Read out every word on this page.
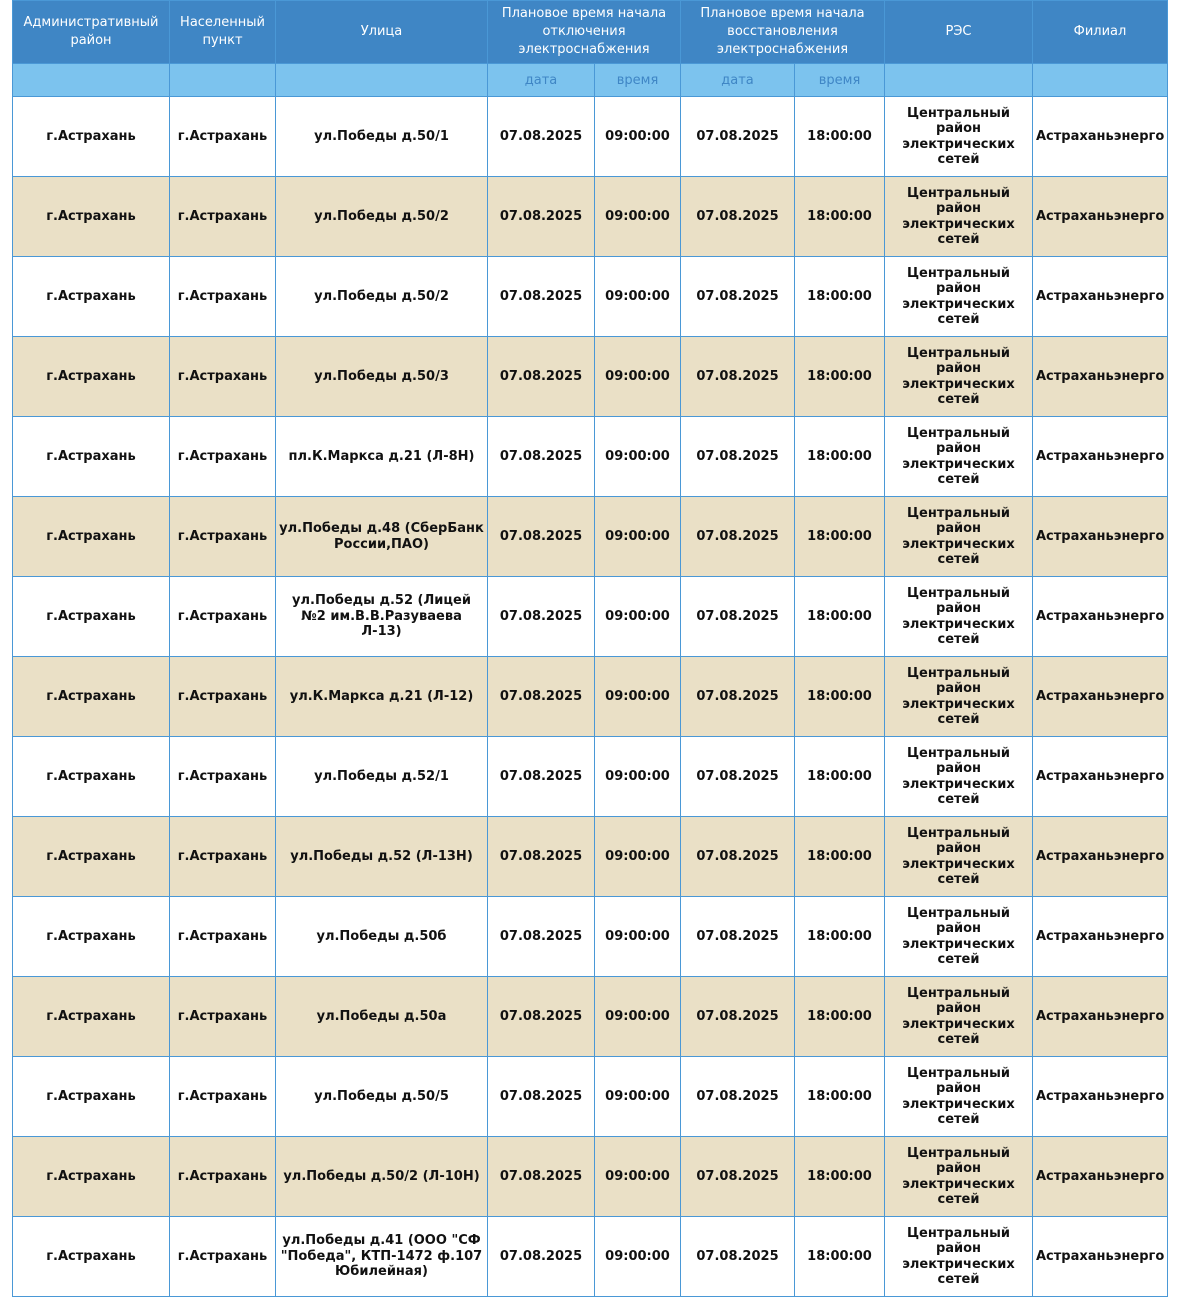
Административный район	Населенный пункт	Улица	Плановое время начала отключения электроснабжения		Плановое время начала восстановления электроснабжения		РЭС	Филиал
			дата	время	дата	время		
г.Астрахань	г.Астрахань	ул.Победы д.50/1	07.08.2025	09:00:00	07.08.2025	18:00:00	Центральный район электрических сетей	Астраханьэнерго
г.Астрахань	г.Астрахань	ул.Победы д.50/2	07.08.2025	09:00:00	07.08.2025	18:00:00	Центральный район электрических сетей	Астраханьэнерго
г.Астрахань	г.Астрахань	ул.Победы д.50/2	07.08.2025	09:00:00	07.08.2025	18:00:00	Центральный район электрических сетей	Астраханьэнерго
г.Астрахань	г.Астрахань	ул.Победы д.50/3	07.08.2025	09:00:00	07.08.2025	18:00:00	Центральный район электрических сетей	Астраханьэнерго
г.Астрахань	г.Астрахань	пл.К.Маркса д.21 (Л-8Н)	07.08.2025	09:00:00	07.08.2025	18:00:00	Центральный район электрических сетей	Астраханьэнерго
г.Астрахань	г.Астрахань	ул.Победы д.48 (СберБанк России,ПАО)	07.08.2025	09:00:00	07.08.2025	18:00:00	Центральный район электрических сетей	Астраханьэнерго
г.Астрахань	г.Астрахань	ул.Победы д.52 (Лицей №2 им.В.В.Разуваева Л-13)	07.08.2025	09:00:00	07.08.2025	18:00:00	Центральный район электрических сетей	Астраханьэнерго
г.Астрахань	г.Астрахань	ул.К.Маркса д.21 (Л-12)	07.08.2025	09:00:00	07.08.2025	18:00:00	Центральный район электрических сетей	Астраханьэнерго
г.Астрахань	г.Астрахань	ул.Победы д.52/1	07.08.2025	09:00:00	07.08.2025	18:00:00	Центральный район электрических сетей	Астраханьэнерго
г.Астрахань	г.Астрахань	ул.Победы д.52 (Л-13Н)	07.08.2025	09:00:00	07.08.2025	18:00:00	Центральный район электрических сетей	Астраханьэнерго
г.Астрахань	г.Астрахань	ул.Победы д.50б	07.08.2025	09:00:00	07.08.2025	18:00:00	Центральный район электрических сетей	Астраханьэнерго
г.Астрахань	г.Астрахань	ул.Победы д.50а	07.08.2025	09:00:00	07.08.2025	18:00:00	Центральный район электрических сетей	Астраханьэнерго
г.Астрахань	г.Астрахань	ул.Победы д.50/5	07.08.2025	09:00:00	07.08.2025	18:00:00	Центральный район электрических сетей	Астраханьэнерго
г.Астрахань	г.Астрахань	ул.Победы д.50/2 (Л-10Н)	07.08.2025	09:00:00	07.08.2025	18:00:00	Центральный район электрических сетей	Астраханьэнерго
г.Астрахань	г.Астрахань	ул.Победы д.41 (ООО "СФ "Победа", КТП-1472 ф.107 Юбилейная)	07.08.2025	09:00:00	07.08.2025	18:00:00	Центральный район электрических сетей	Астраханьэнерго
